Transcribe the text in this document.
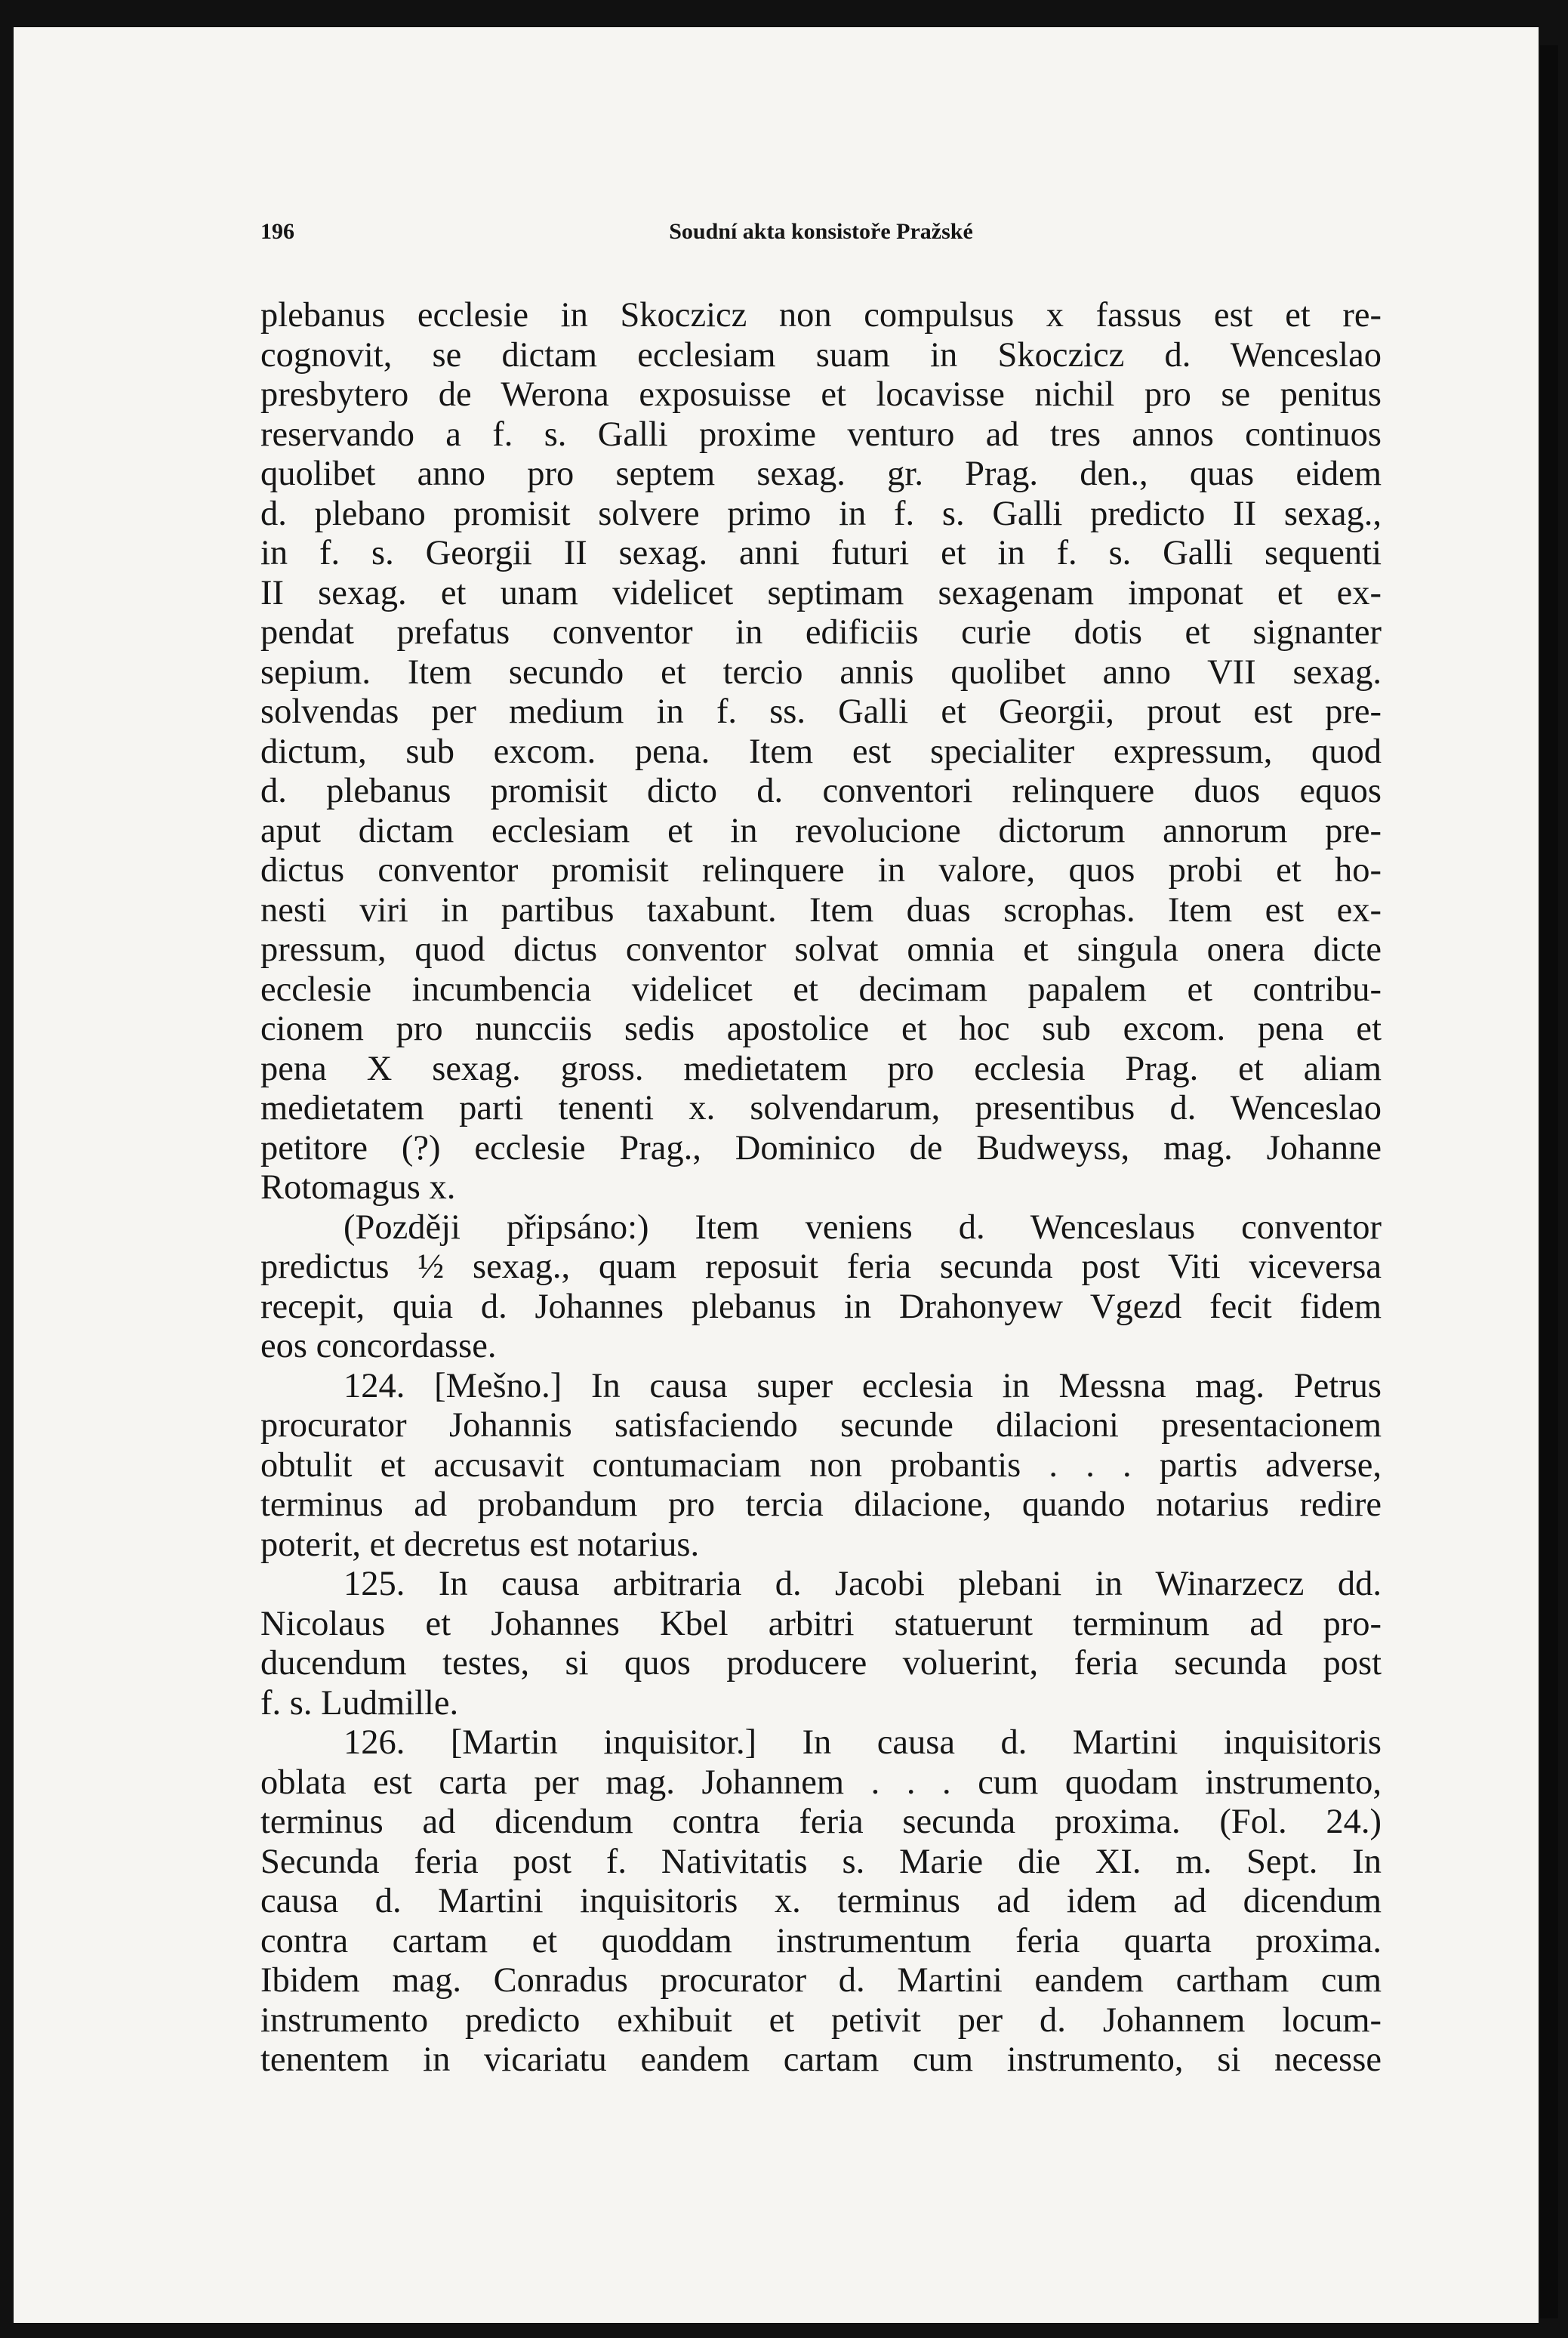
196	Soudní akta konsistoře Pražské
plebanus ecclesie in Skoczicz non compulsus x fassus est et re-
cognovit, se dictam ecclesiam suam in Skoczicz d. Wenceslao
presbytero de Werona exposuisse et locavisse nichil pro se penitus
reservando a f. s. Galli proxime venturo ad tres annos continuos
quolibet anno pro septem sexag. gr. Prag. den., quas eidem
d. plebano promisit solvere primo in f. s. Galli predicto II sexag.,
in f. s. Georgii II sexag. anni futuri et in f. s. Galli sequenti
II sexag. et unam videlicet septimam sexagenam imponat et ex-
pendat prefatus conventor in edificiis curie dotis et signanter
sepium. Item secundo et tercio annis quolibet anno VII sexag.
solvendas per medium in f. ss. Galli et Georgii, prout est pre-
dictum, sub excom. pena. Item est specialiter expressum, quod
d. plebanus promisit dicto d. conventori relinquere duos equos
aput dictam ecclesiam et in revolucione dictorum annorum pre-
dictus conventor promisit relinquere in valore, quos probi et ho-
nesti viri in partibus taxabunt. Item duas scrophas. Item est ex-
pressum, quod dictus conventor solvat omnia et singula onera dicte
ecclesie incumbencia videlicet et decimam papalem et contribu-
cionem pro nuncciis sedis apostolice et hoc sub excom. pena et
pena X sexag. gross. medietatem pro ecclesia Prag. et aliam
medietatem parti tenenti x. solvendarum, presentibus d. Wenceslao
petitore (?) ecclesie Prag., Dominico de Budweyss, mag. Johanne
Rotomagus x.
(Později připsáno:) Item veniens d. Wenceslaus conventor
predictus ½ sexag., quam reposuit feria secunda post Viti viceversa
recepit, quia d. Johannes plebanus in Drahonyew Vgezd fecit fidem
eos concordasse.
124. [Mešno.] In causa super ecclesia in Messna mag. Petrus
procurator Johannis satisfaciendo secunde dilacioni presentacionem
obtulit et accusavit contumaciam non probantis . . . partis adverse,
terminus ad probandum pro tercia dilacione, quando notarius redire
poterit, et decretus est notarius.
125. In causa arbitraria d. Jacobi plebani in Winarzecz dd.
Nicolaus et Johannes Kbel arbitri statuerunt terminum ad pro-
ducendum testes, si quos producere voluerint, feria secunda post
f. s. Ludmille.
126. [Martin inquisitor.] In causa d. Martini inquisitoris
oblata est carta per mag. Johannem . . . cum quodam instrumento,
terminus ad dicendum contra feria secunda proxima. (Fol. 24.)
Secunda feria post f. Nativitatis s. Marie die XI. m. Sept. In
causa d. Martini inquisitoris x. terminus ad idem ad dicendum
contra cartam et quoddam instrumentum feria quarta proxima.
Ibidem mag. Conradus procurator d. Martini eandem cartham cum
instrumento predicto exhibuit et petivit per d. Johannem locum-
tenentem in vicariatu eandem cartam cum instrumento, si necesse
